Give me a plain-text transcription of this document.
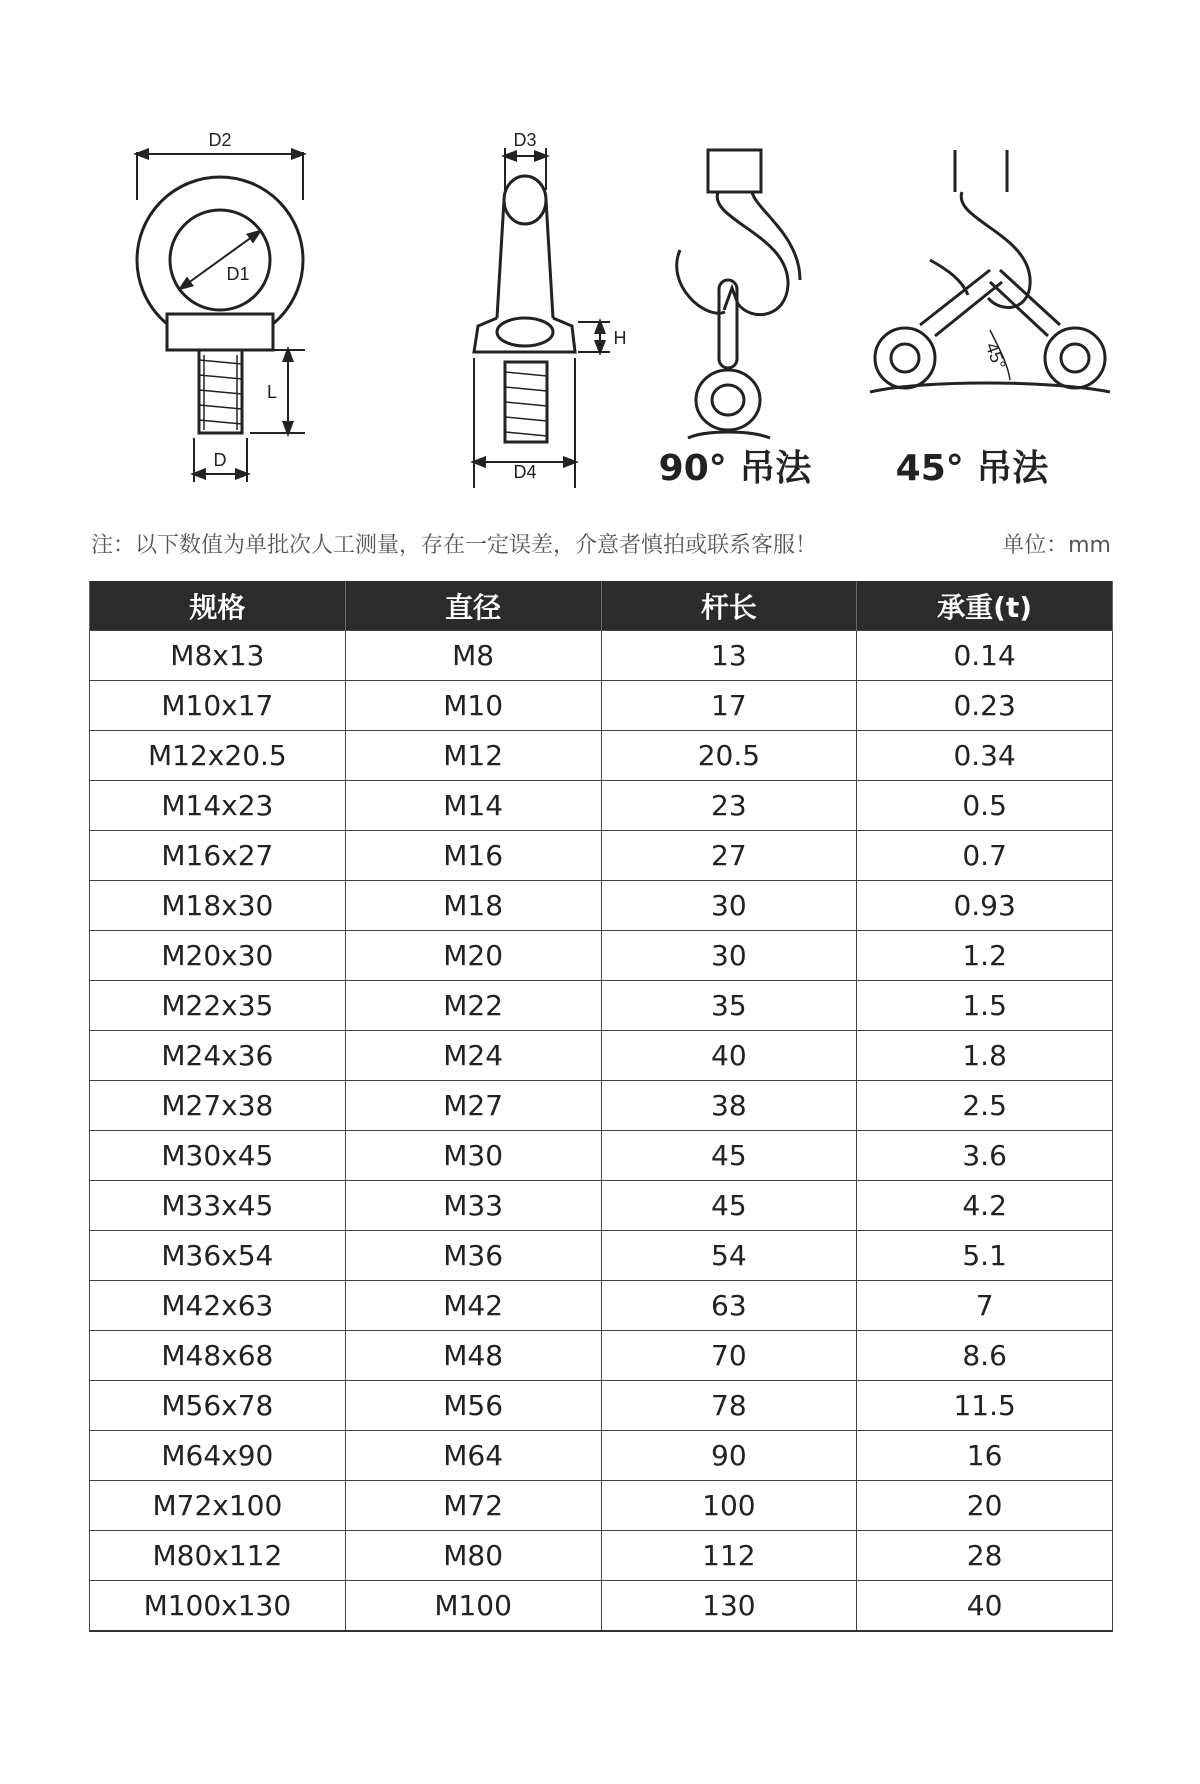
D2
D1
L
D
D3
H
D4	90° 吊法
45°
45° 吊法
注：以下数值为单批次人工测量，存在一定误差，介意者慎拍或联系客服！	单位：mm
规格	直径	杆长	承重(t)
M8x13	M8	13	0.14
M10x17	M10	17	0.23
M12x20.5	M12	20.5	0.34
M14x23	M14	23	0.5
M16x27	M16	27	0.7
M18x30	M18	30	0.93
M20x30	M20	30	1.2
M22x35	M22	35	1.5
M24x36	M24	40	1.8
M27x38	M27	38	2.5
M30x45	M30	45	3.6
M33x45	M33	45	4.2
M36x54	M36	54	5.1
M42x63	M42	63	7
M48x68	M48	70	8.6
M56x78	M56	78	11.5
M64x90	M64	90	16
M72x100	M72	100	20
M80x112	M80	112	28
M100x130	M100	130	40
